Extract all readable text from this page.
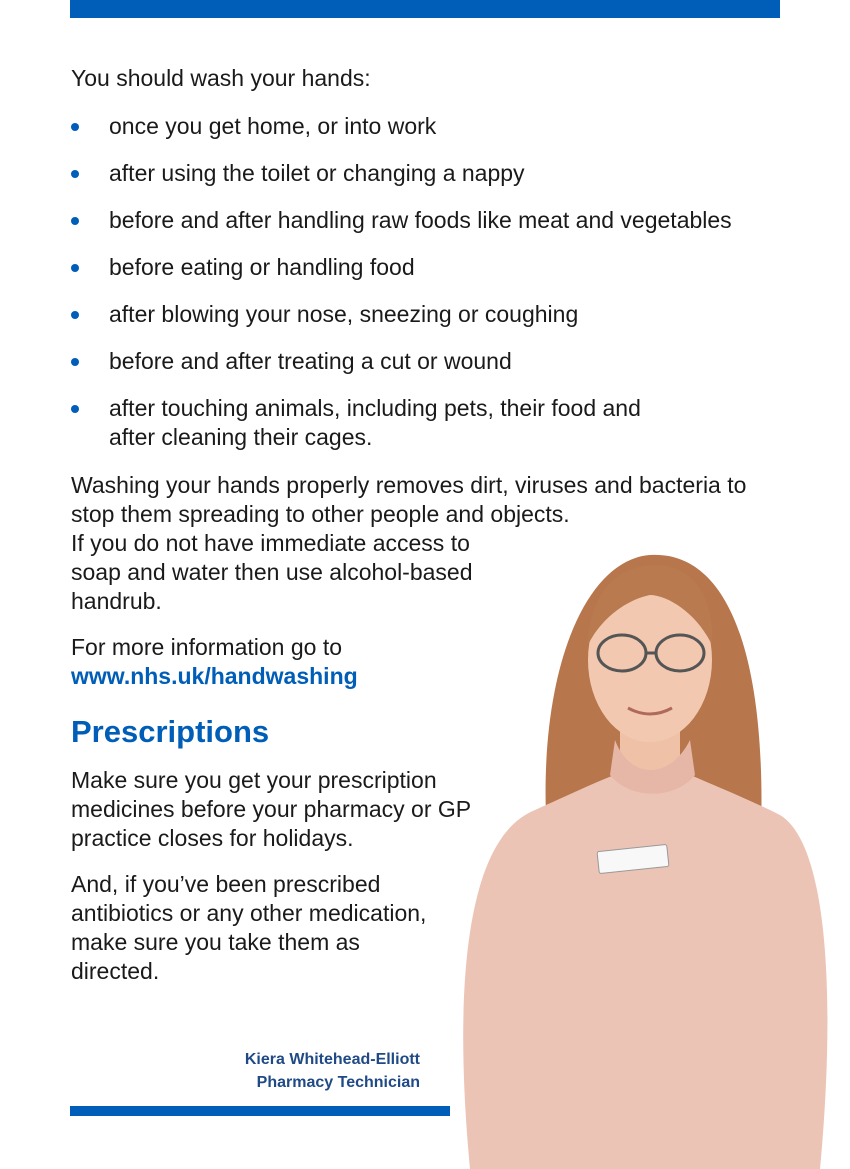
You should wash your hands:
once you get home, or into work
after using the toilet or changing a nappy
before and after handling raw foods like meat and vegetables
before eating or handling food
after blowing your nose, sneezing or coughing
before and after treating a cut or wound
after touching animals, including pets, their food and after cleaning their cages.
Washing your hands properly removes dirt, viruses and bacteria to stop them spreading to other people and objects.
If you do not have immediate access to soap and water then use alcohol-based handrub.
For more information go to
www.nhs.uk/handwashing
Prescriptions
Make sure you get your prescription medicines before your pharmacy or GP practice closes for holidays.
And, if you’ve been prescribed antibiotics or any other medication, make sure you take them as directed.
Kiera Whitehead-Elliott
Pharmacy Technician
